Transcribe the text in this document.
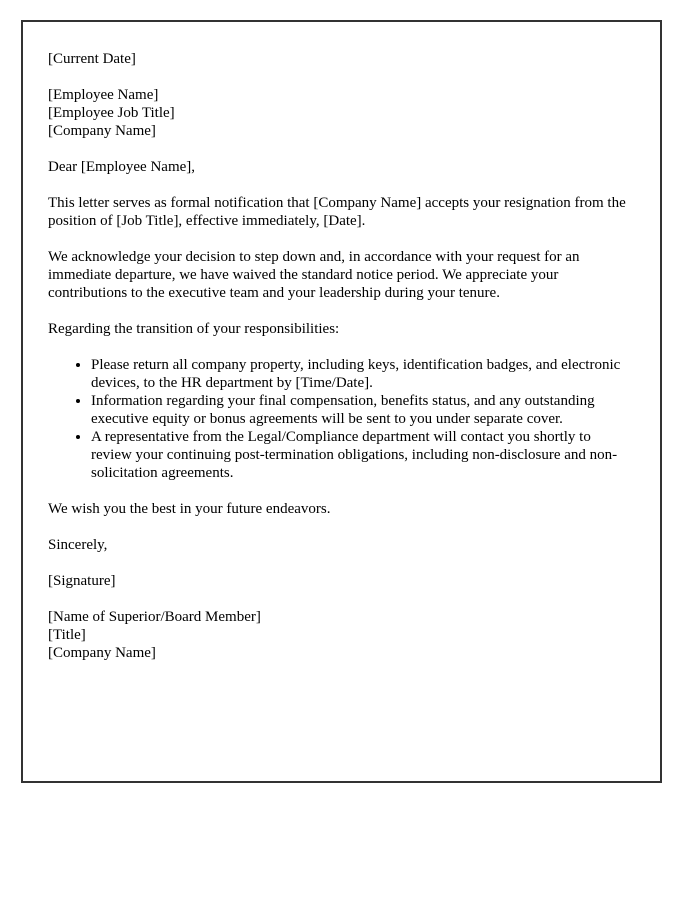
[Current Date]

[Employee Name]
[Employee Job Title]
[Company Name]

Dear [Employee Name],

This letter serves as formal notification that [Company Name] accepts your resignation from the position of [Job Title], effective immediately, [Date].

We acknowledge your decision to step down and, in accordance with your request for an immediate departure, we have waived the standard notice period. We appreciate your contributions to the executive team and your leadership during your tenure.

Regarding the transition of your responsibilities:

• Please return all company property, including keys, identification badges, and electronic devices, to the HR department by [Time/Date].
• Information regarding your final compensation, benefits status, and any outstanding executive equity or bonus agreements will be sent to you under separate cover.
• A representative from the Legal/Compliance department will contact you shortly to review your continuing post-termination obligations, including non-disclosure and non-solicitation agreements.

We wish you the best in your future endeavors.

Sincerely,

[Signature]

[Name of Superior/Board Member]
[Title]
[Company Name]
